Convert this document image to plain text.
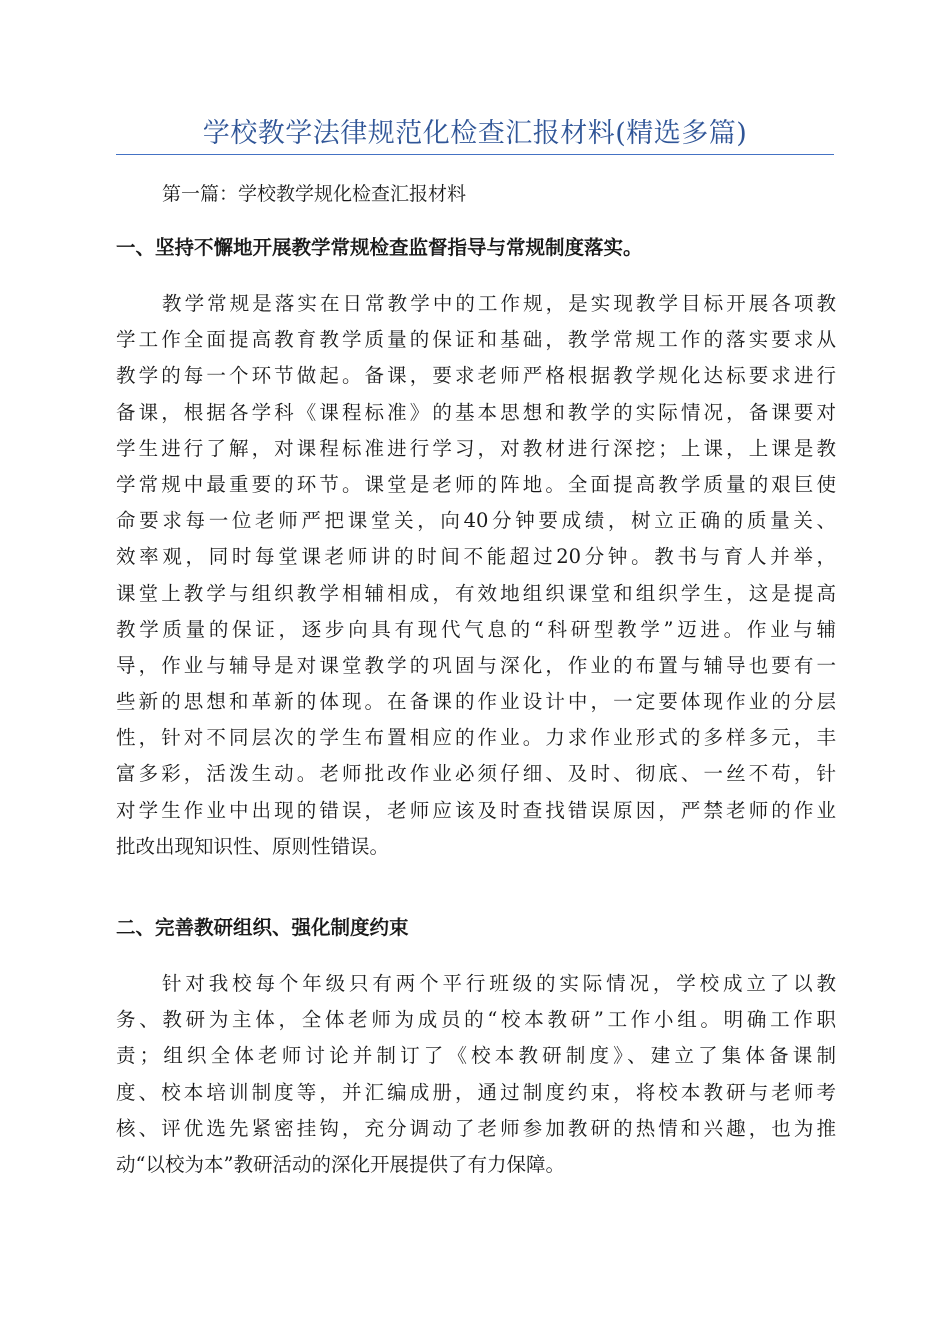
学校教学法律规范化检查汇报材料(精选多篇)
第一篇：学校教学规化检查汇报材料
一、坚持不懈地开展教学常规检查监督指导与常规制度落实。
教学常规是落实在日常教学中的工作规，是实现教学目标开展各项教
学工作全面提高教育教学质量的保证和基础，教学常规工作的落实要求从
教学的每一个环节做起。备课，要求老师严格根据教学规化达标要求进行
备课，根据各学科《课程标准》的基本思想和教学的实际情况，备课要对
学生进行了解，对课程标准进行学习，对教材进行深挖；上课，上课是教
学常规中最重要的环节。课堂是老师的阵地。全面提高教学质量的艰巨使
命要求每一位老师严把课堂关，向40分钟要成绩，树立正确的质量关、
效率观，同时每堂课老师讲的时间不能超过20分钟。教书与育人并举，
课堂上教学与组织教学相辅相成，有效地组织课堂和组织学生，这是提高
教学质量的保证，逐步向具有现代气息的“科研型教学”迈进。作业与辅
导，作业与辅导是对课堂教学的巩固与深化，作业的布置与辅导也要有一
些新的思想和革新的体现。在备课的作业设计中，一定要体现作业的分层
性，针对不同层次的学生布置相应的作业。力求作业形式的多样多元，丰
富多彩，活泼生动。老师批改作业必须仔细、及时、彻底、一丝不苟，针
对学生作业中出现的错误，老师应该及时查找错误原因，严禁老师的作业
批改出现知识性、原则性错误。
二、完善教研组织、强化制度约束
针对我校每个年级只有两个平行班级的实际情况，学校成立了以教
务、教研为主体，全体老师为成员的“校本教研”工作小组。明确工作职
责；组织全体老师讨论并制订了《校本教研制度》、建立了集体备课制
度、校本培训制度等，并汇编成册，通过制度约束，将校本教研与老师考
核、评优选先紧密挂钩，充分调动了老师参加教研的热情和兴趣，也为推
动“以校为本”教研活动的深化开展提供了有力保障。
